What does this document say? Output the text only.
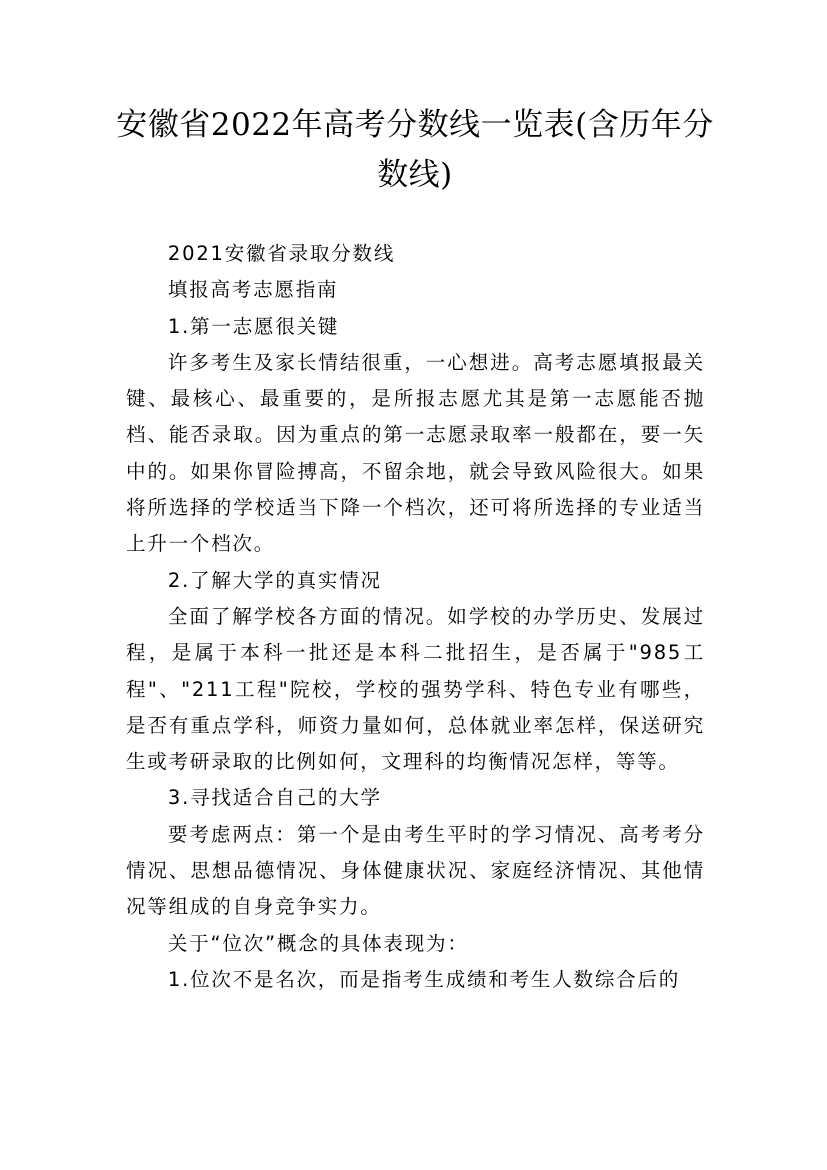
安徽省2022年高考分数线一览表(含历年分数线)

2021安徽省录取分数线

填报高考志愿指南

1.第一志愿很关键

许多考生及家长情结很重，一心想进。高考志愿填报最关键、最核心、最重要的，是所报志愿尤其是第一志愿能否抛档、能否录取。因为重点的第一志愿录取率一般都在，要一矢中的。如果你冒险搏高，不留余地，就会导致风险很大。如果将所选择的学校适当下降一个档次，还可将所选择的专业适当上升一个档次。

2.了解大学的真实情况

全面了解学校各方面的情况。如学校的办学历史、发展过程，是属于本科一批还是本科二批招生，是否属于"985工程"、"211工程"院校，学校的强势学科、特色专业有哪些，是否有重点学科，师资力量如何，总体就业率怎样，保送研究生或考研录取的比例如何，文理科的均衡情况怎样，等等。

3.寻找适合自己的大学

要考虑两点：第一个是由考生平时的学习情况、高考考分情况、思想品德情况、身体健康状况、家庭经济情况、其他情况等组成的自身竞争实力。

关于“位次”概念的具体表现为：

1.位次不是名次，而是指考生成绩和考生人数综合后的
